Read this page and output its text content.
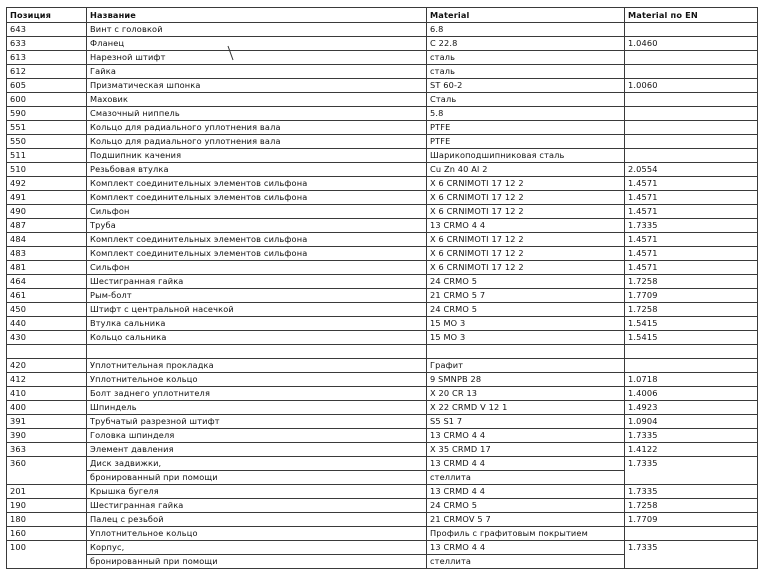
Позиция	Название	Material	Material по EN
643	Винт с головкой	6.8	
633	Фланец	C 22.8	1.0460
613	Нарезной штифт	сталь	
612	Гайка	сталь	
605	Призматическая шпонка	ST 60-2	1.0060
600	Маховик	Сталь	
590	Смазочный ниппель	5.8	
551	Кольцо для радиального уплотнения вала	PTFE	
550	Кольцо для радиального уплотнения вала	PTFE	
511	Подшипник качения	Шарикоподшипниковая сталь	
510	Резьбовая втулка	Cu Zn 40 Al 2	2.0554
492	Комплект соединительных элементов сильфона	X 6 CRNIMOTI 17 12 2	1.4571
491	Комплект соединительных элементов сильфона	X 6 CRNIMOTI 17 12 2	1.4571
490	Сильфон	X 6 CRNIMOTI 17 12 2	1.4571
487	Труба	13 CRMO 4 4	1.7335
484	Комплект соединительных элементов сильфона	X 6 CRNIMOTI 17 12 2	1.4571
483	Комплект соединительных элементов сильфона	X 6 CRNIMOTI 17 12 2	1.4571
481	Сильфон	X 6 CRNIMOTI 17 12 2	1.4571
464	Шестигранная гайка	24 CRMO 5	1.7258
461	Рым-болт	21 CRMO 5 7	1.7709
450	Штифт с центральной насечкой	24 CRMO 5	1.7258
440	Втулка сальника	15 MO 3	1.5415
430	Кольцо сальника	15 MO 3	1.5415

420	Уплотнительная прокладка	Графит	
412	Уплотнительное кольцо	9 SMNPB 28	1.0718
410	Болт заднего уплотнителя	X 20 CR 13	1.4006
400	Шпиндель	X 22 CRMD V 12 1	1.4923
391	Трубчатый разрезной штифт	S5 S1 7	1.0904
390	Головка шпинделя	13 CRMO 4 4	1.7335
363	Элемент давления	X 35 CRMD 17	1.4122
360	Диск задвижки,	13 CRMD 4 4	1.7335
	бронированный при помощи	стеллита	
201	Крышка бугеля	13 CRMD 4 4	1.7335
190	Шестигранная гайка	24 CRMO 5	1.7258
180	Палец с резьбой	21 CRMOV 5 7	1.7709
160	Уплотнительное кольцо	Профиль с графитовым покрытием	
100	Корпус,	13 CRMO 4 4	1.7335
	бронированный при помощи	стеллита	
